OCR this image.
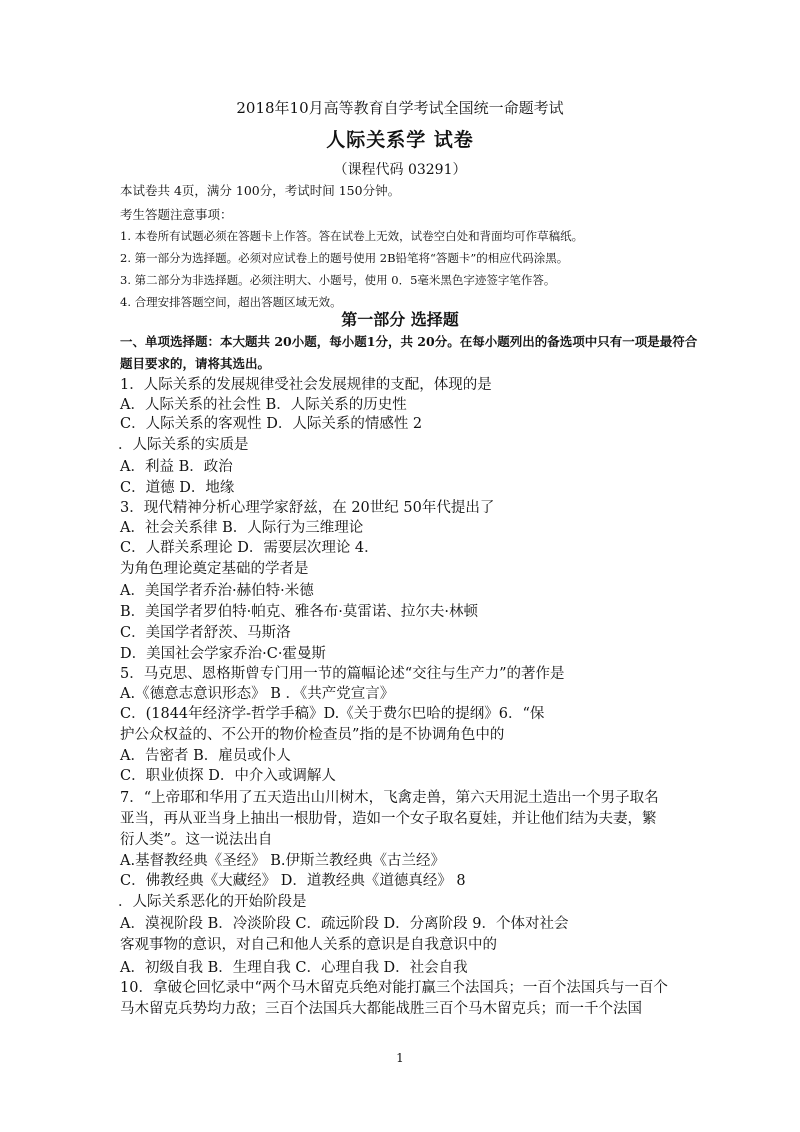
2018年10月高等教育自学考试全国统一命题考试
人际关系学 试卷
（课程代码 03291）
本试卷共 4页，满分 100分，考试时间 150分钟。
考生答题注意事项：
1. 本卷所有试题必须在答题卡上作答。答在试卷上无效，试卷空白处和背面均可作草稿纸。
2. 第一部分为选择题。必须对应试卷上的题号使用 2B铅笔将“答题卡”的相应代码涂黑。
3. 第二部分为非选择题。必须注明大、小题号，使用 0．5毫米黑色字迹签字笔作答。
4. 合理安排答题空间，超出答题区域无效。
第一部分 选择题
一、单项选择题：本大题共 20小题，每小题1分，共 20分。在每小题列出的备选项中只有一项是最符合
题目要求的，请将其选出。
1．人际关系的发展规律受社会发展规律的支配，体现的是
A．人际关系的社会性 B．人际关系的历史性
C．人际关系的客观性 D．人际关系的情感性 2
．人际关系的实质是
A．利益 B．政治
C．道德 D．地缘
3．现代精神分析心理学家舒兹，在 20世纪 50年代提出了
A．社会关系律 B．人际行为三维理论
C．人群关系理论 D．需要层次理论 4．
为角色理论奠定基础的学者是
A．美国学者乔治·赫伯特·米德
B．美国学者罗伯特·帕克、雅各布·莫雷诺、拉尔夫·林顿
C．美国学者舒茨、马斯洛
D．美国社会学家乔治·C·霍曼斯
5．马克思、恩格斯曾专门用一节的篇幅论述“交往与生产力”的著作是
A.《德意志意识形态》 B ．《共产党宣言》
C．(1844年经济学-哲学手稿》D.《关于费尔巴哈的提纲》6．“保
护公众权益的、不公开的物价检查员”指的是不协调角色中的
A．告密者 B．雇员或仆人
C．职业侦探 D．中介入或调解人
7．“上帝耶和华用了五天造出山川树木，飞禽走兽，第六天用泥土造出一个男子取名
亚当，再从亚当身上抽出一根肋骨，造如一个女子取名夏娃，并让他们结为夫妻，繁
衍人类”。这一说法出自
A.基督教经典《圣经》 B.伊斯兰教经典《古兰经》
C．佛教经典《大藏经》 D．道教经典《道德真经》 8
．人际关系恶化的开始阶段是
A．漠视阶段 B．冷淡阶段 C．疏远阶段 D．分离阶段 9．个体对社会
客观事物的意识，对自己和他人关系的意识是自我意识中的
A．初级自我 B．生理自我 C．心理自我 D．社会自我
10．拿破仑回忆录中“两个马木留克兵绝对能打赢三个法国兵；一百个法国兵与一百个
马木留克兵势均力敌；三百个法国兵大都能战胜三百个马木留克兵；而一千个法国
1
